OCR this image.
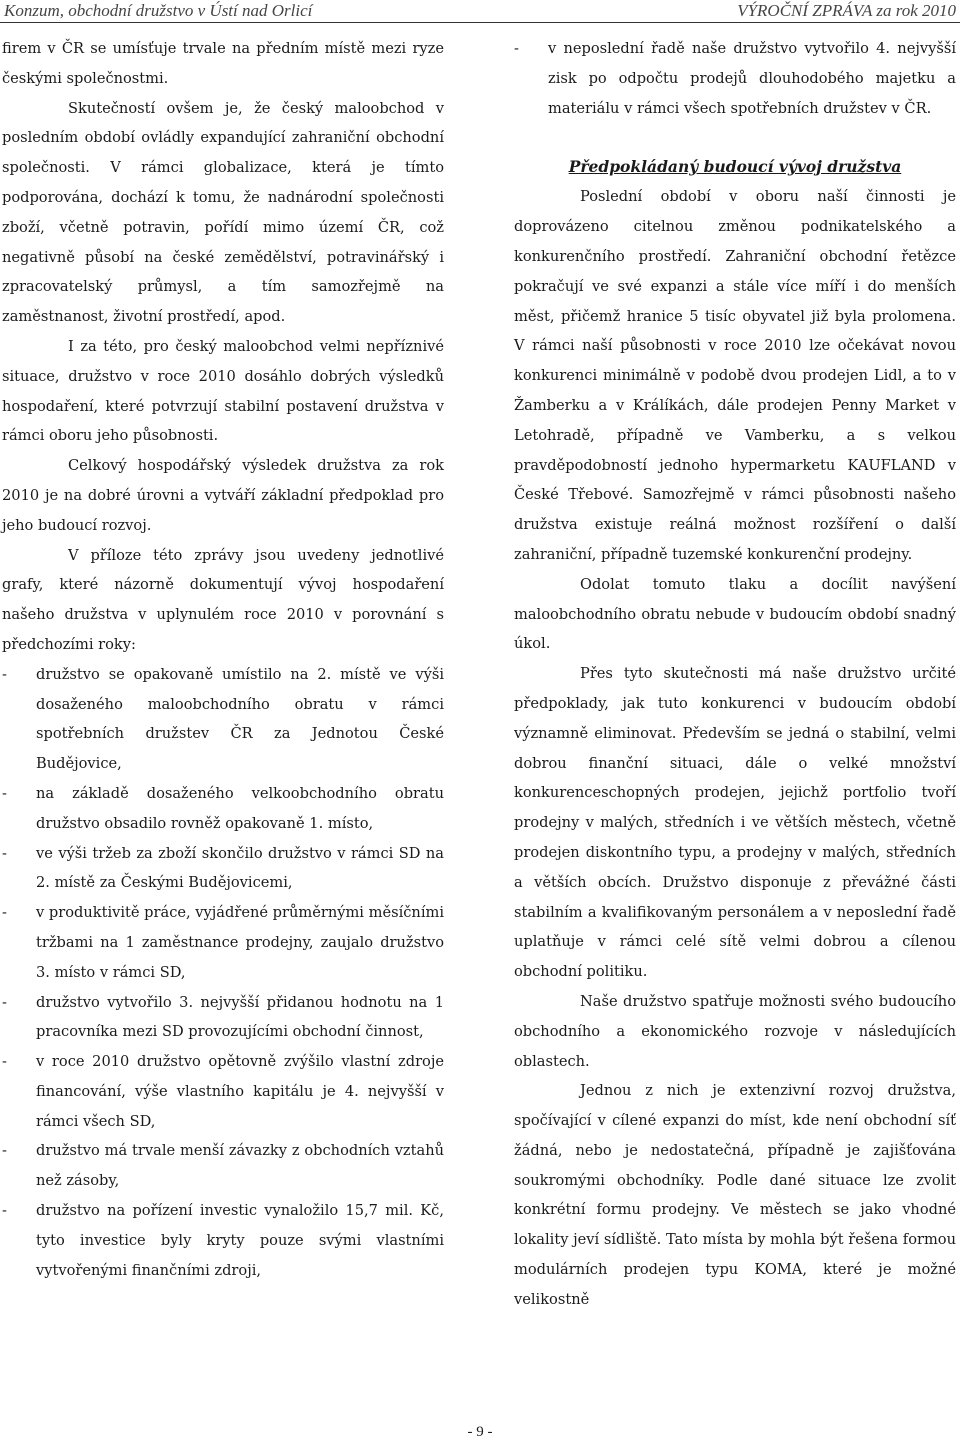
Konzum, obchodní družstvo v Ústí nad Orlicí	VÝROČNÍ ZPRÁVA za rok 2010

firem v ČR se umísťuje trvale na předním místě mezi ryze českými společnostmi.

Skutečností ovšem je, že český maloobchod v posledním období ovládly expandující zahraniční obchodní společnosti. V rámci globalizace, která je tímto podporována, dochází k tomu, že nadnárodní společnosti zboží, včetně potravin, pořídí mimo území ČR, což negativně působí na české zemědělství, potravinářský i zpracovatelský průmysl, a tím samozřejmě na zaměstnanost, životní prostředí, apod.

I za této, pro český maloobchod velmi nepříznivé situace, družstvo v roce 2010 dosáhlo dobrých výsledků hospodaření, které potvrzují stabilní postavení družstva v rámci oboru jeho působnosti.

Celkový hospodářský výsledek družstva za rok 2010 je na dobré úrovni a vytváří základní předpoklad pro jeho budoucí rozvoj.

V příloze této zprávy jsou uvedeny jednotlivé grafy, které názorně dokumentují vývoj hospodaření našeho družstva v uplynulém roce 2010 v porovnání s předchozími roky:

-	družstvo se opakovaně umístilo na 2. místě ve výši dosaženého maloobchodního obratu v rámci spotřebních družstev ČR za Jednotou České Budějovice,
-	na základě dosaženého velkoobchodního obratu družstvo obsadilo rovněž opakovaně 1. místo,
-	ve výši tržeb za zboží skončilo družstvo v rámci SD na 2. místě za Českými Budějovicemi,
-	v produktivitě práce, vyjádřené průměrnými měsíčními tržbami na 1 zaměstnance prodejny, zaujalo družstvo 3. místo v rámci SD,
-	družstvo vytvořilo 3. nejvyšší přidanou hodnotu na 1 pracovníka mezi SD provozujícími obchodní činnost,
-	v roce 2010 družstvo opětovně zvýšilo vlastní zdroje financování, výše vlastního kapitálu je 4. nejvyšší v rámci všech SD,
-	družstvo má trvale menší závazky z obchodních vztahů než zásoby,
-	družstvo na pořízení investic vynaložilo 15,7 mil. Kč, tyto investice byly kryty pouze svými vlastními vytvořenými finančními zdroji,
-	v neposlední řadě naše družstvo vytvořilo 4. nejvyšší zisk po odpočtu prodejů dlouhodobého majetku a materiálu v rámci všech spotřebních družstev v ČR.

Předpokládaný budoucí vývoj družstva

Poslední období v oboru naší činnosti je doprovázeno citelnou změnou podnikatelského a konkurenčního prostředí. Zahraniční obchodní řetězce pokračují ve své expanzi a stále více míří i do menších měst, přičemž hranice 5 tisíc obyvatel již byla prolomena. V rámci naší působnosti v roce 2010 lze očekávat novou konkurenci minimálně v podobě dvou prodejen Lidl, a to v Žamberku a v Králíkách, dále prodejen Penny Market v Letohradě, případně ve Vamberku, a s velkou pravděpodobností jednoho hypermarketu KAUFLAND v České Třebové. Samozřejmě v rámci působnosti našeho družstva existuje reálná možnost rozšíření o další zahraniční, případně tuzemské konkurenční prodejny.

Odolat tomuto tlaku a docílit navýšení maloobchodního obratu nebude v budoucím období snadný úkol.

Přes tyto skutečnosti má naše družstvo určité předpoklady, jak tuto konkurenci v budoucím období významně eliminovat. Především se jedná o stabilní, velmi dobrou finanční situaci, dále o velké množství konkurenceschopných prodejen, jejichž portfolio tvoří prodejny v malých, středních i ve větších městech, včetně prodejen diskontního typu, a prodejny v malých, středních a větších obcích. Družstvo disponuje z převážné části stabilním a kvalifikovaným personálem a v neposlední řadě uplatňuje v rámci celé sítě velmi dobrou a cílenou obchodní politiku.

Naše družstvo spatřuje možnosti svého budoucího obchodního a ekonomického rozvoje v následujících oblastech.

Jednou z nich je extenzivní rozvoj družstva, spočívající v cílené expanzi do míst, kde není obchodní síť žádná, nebo je nedostatečná, případně je zajišťována soukromými obchodníky. Podle dané situace lze zvolit konkrétní formu prodejny. Ve městech se jako vhodné lokality jeví sídliště. Tato místa by mohla být řešena formou modulárních prodejen typu KOMA, které je možné velikostně

- 9 -
